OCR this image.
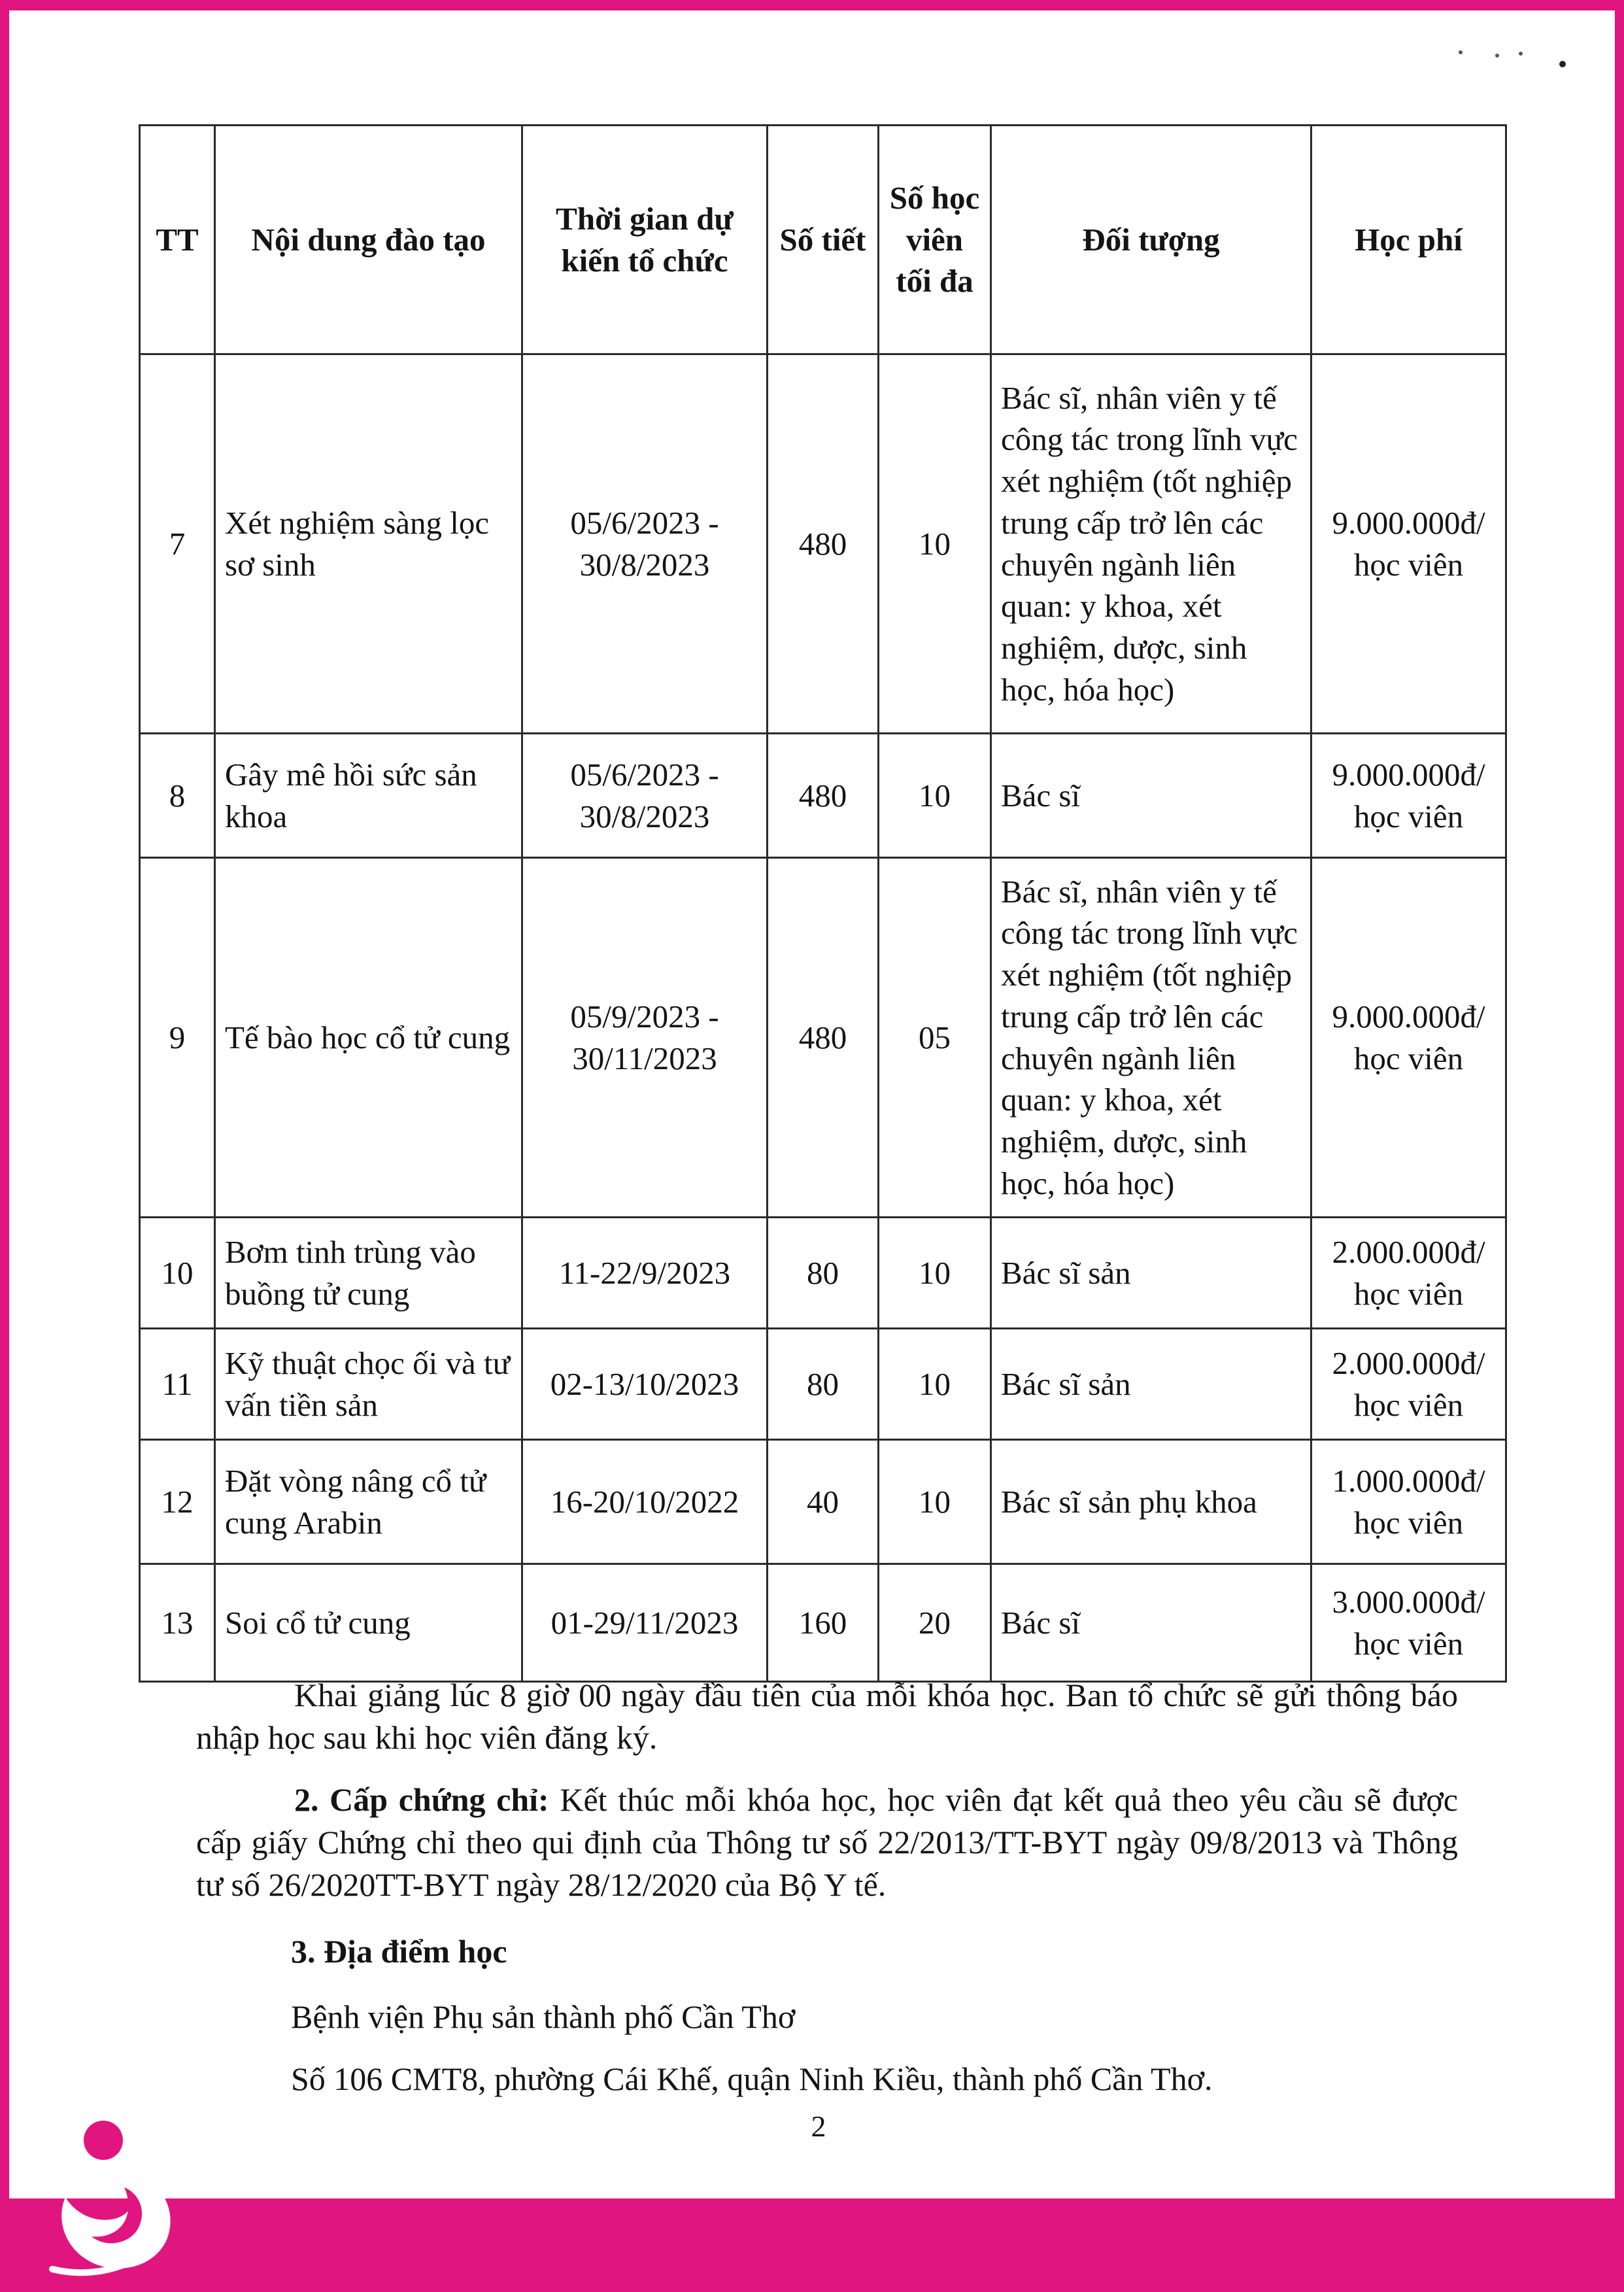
TT	Nội dung đào tạo	Thời gian dự kiến tổ chức	Số tiết	Số học viên tối đa	Đối tượng	Học phí
7	Xét nghiệm sàng lọc sơ sinh	05/6/2023 - 30/8/2023	480	10	Bác sĩ, nhân viên y tế công tác trong lĩnh vực xét nghiệm (tốt nghiệp trung cấp trở lên các chuyên ngành liên quan: y khoa, xét nghiệm, dược, sinh học, hóa học)	9.000.000đ/ học viên
8	Gây mê hồi sức sản khoa	05/6/2023 - 30/8/2023	480	10	Bác sĩ	9.000.000đ/ học viên
9	Tế bào học cổ tử cung	05/9/2023 - 30/11/2023	480	05	Bác sĩ, nhân viên y tế công tác trong lĩnh vực xét nghiệm (tốt nghiệp trung cấp trở lên các chuyên ngành liên quan: y khoa, xét nghiệm, dược, sinh học, hóa học)	9.000.000đ/ học viên
10	Bơm tinh trùng vào buồng tử cung	11-22/9/2023	80	10	Bác sĩ sản	2.000.000đ/ học viên
11	Kỹ thuật chọc ối và tư vấn tiền sản	02-13/10/2023	80	10	Bác sĩ sản	2.000.000đ/ học viên
12	Đặt vòng nâng cổ tử cung Arabin	16-20/10/2022	40	10	Bác sĩ sản phụ khoa	1.000.000đ/ học viên
13	Soi cổ tử cung	01-29/11/2023	160	20	Bác sĩ	3.000.000đ/ học viên
Khai giảng lúc 8 giờ 00 ngày đầu tiên của mỗi khóa học. Ban tổ chức sẽ gửi thông báo nhập học sau khi học viên đăng ký.
2. Cấp chứng chỉ: Kết thúc mỗi khóa học, học viên đạt kết quả theo yêu cầu sẽ được cấp giấy Chứng chỉ theo qui định của Thông tư số 22/2013/TT-BYT ngày 09/8/2013 và Thông tư số 26/2020TT-BYT ngày 28/12/2020 của Bộ Y tế.
3. Địa điểm học
Bệnh viện Phụ sản thành phố Cần Thơ
Số 106 CMT8, phường Cái Khế, quận Ninh Kiều, thành phố Cần Thơ.
2
